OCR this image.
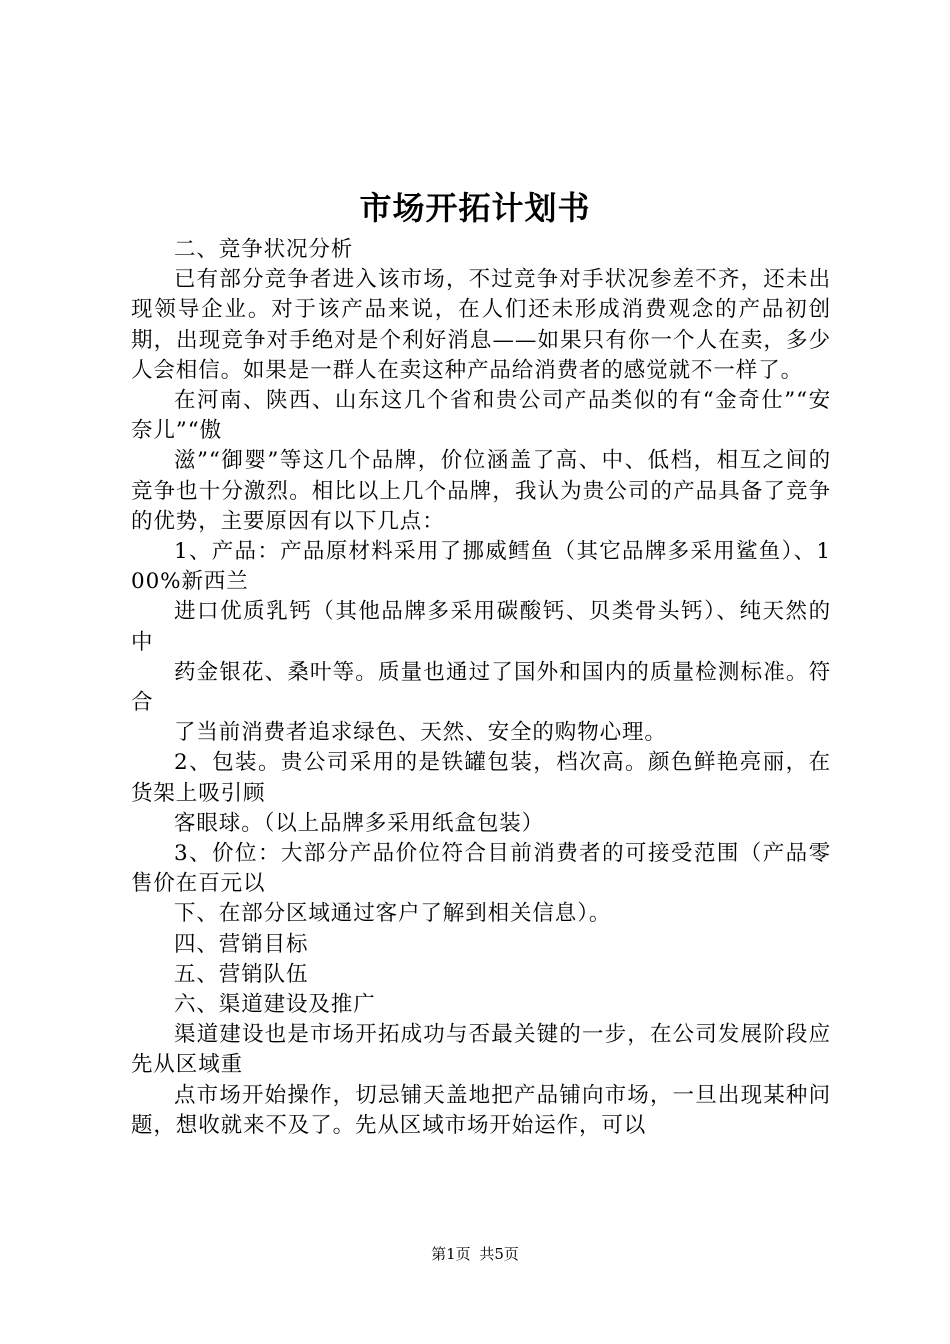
市场开拓计划书

二、竞争状况分析

已有部分竞争者进入该市场，不过竞争对手状况参差不齐，还未出现领导企业。对于该产品来说，在人们还未形成消费观念的产品初创期，出现竞争对手绝对是个利好消息——如果只有你一个人在卖，多少人会相信。如果是一群人在卖这种产品给消费者的感觉就不一样了。

在河南、陕西、山东这几个省和贵公司产品类似的有“金奇仕”“安奈儿”“傲

滋”“御婴”等这几个品牌，价位涵盖了高、中、低档，相互之间的竞争也十分激烈。相比以上几个品牌，我认为贵公司的产品具备了竞争的优势，主要原因有以下几点：

1、产品：产品原材料采用了挪威鳕鱼（其它品牌多采用鲨鱼）、100%新西兰

进口优质乳钙（其他品牌多采用碳酸钙、贝类骨头钙）、纯天然的中

药金银花、桑叶等。质量也通过了国外和国内的质量检测标准。符合

了当前消费者追求绿色、天然、安全的购物心理。

2、包装。贵公司采用的是铁罐包装，档次高。颜色鲜艳亮丽，在货架上吸引顾

客眼球。（以上品牌多采用纸盒包装）

3、价位：大部分产品价位符合目前消费者的可接受范围（产品零售价在百元以

下、在部分区域通过客户了解到相关信息）。

四、营销目标

五、营销队伍

六、渠道建设及推广

渠道建设也是市场开拓成功与否最关键的一步，在公司发展阶段应先从区域重

点市场开始操作，切忌铺天盖地把产品铺向市场，一旦出现某种问题，想收就来不及了。先从区域市场开始运作，可以

第1页 共5页
